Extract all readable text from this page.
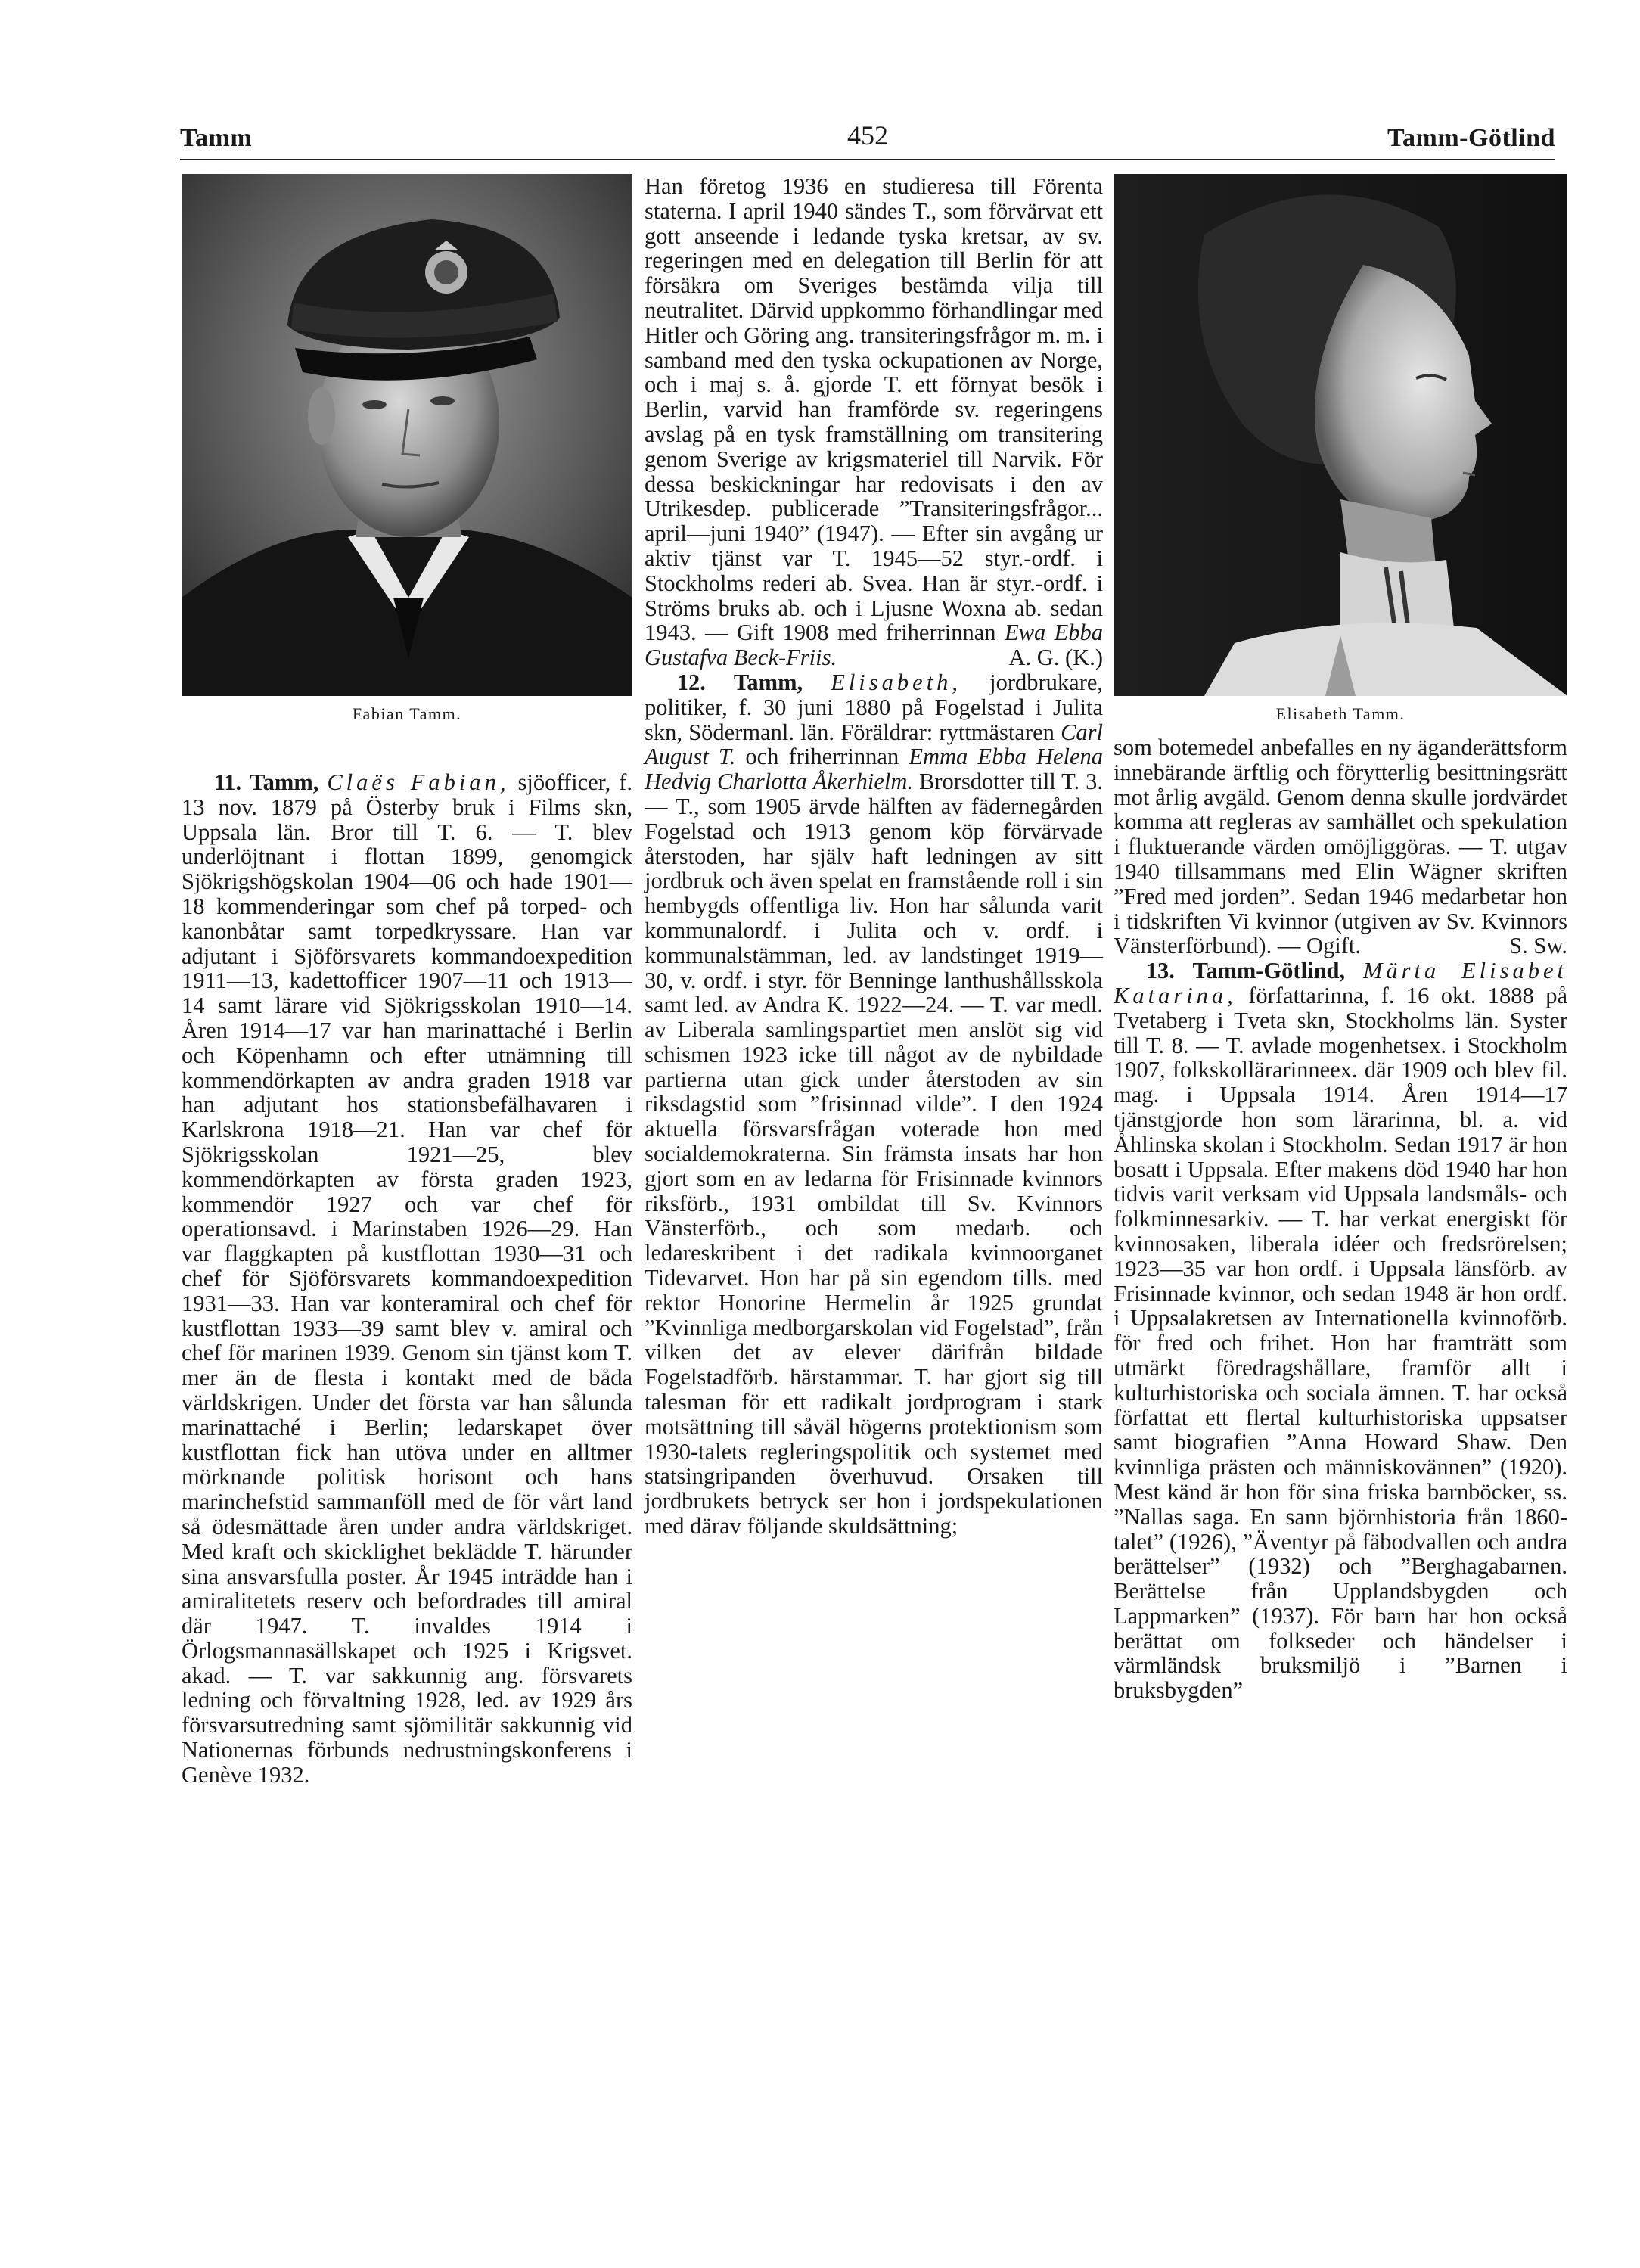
Tamm	452	Tamm-Götlind
Fabian Tamm.

11. Tamm, Claës Fabian, sjöofficer, f. 13 nov. 1879 på Österby bruk i Films skn, Uppsala län. Bror till T. 6. — T. blev underlöjtnant i flottan 1899, genomgick Sjökrigshögskolan 1904—06 och hade 1901—18 kommenderingar som chef på torped- och kanonbåtar samt torpedkryssare. Han var adjutant i Sjöförsvarets kommandoexpedition 1911—13, kadettofficer 1907—11 och 1913—14 samt lärare vid Sjökrigsskolan 1910—14. Åren 1914—17 var han marinattaché i Berlin och Köpenhamn och efter utnämning till kommendörkapten av andra graden 1918 var han adjutant hos stationsbefälhavaren i Karlskrona 1918—21. Han var chef för Sjökrigsskolan 1921—25, blev kommendörkapten av första graden 1923, kommendör 1927 och var chef för operationsavd. i Marinstaben 1926—29. Han var flaggkapten på kustflottan 1930—31 och chef för Sjöförsvarets kommandoexpedition 1931—33. Han var konteramiral och chef för kustflottan 1933—39 samt blev v. amiral och chef för marinen 1939. Genom sin tjänst kom T. mer än de flesta i kontakt med de båda världskrigen. Under det första var han sålunda marinattaché i Berlin; ledarskapet över kustflottan fick han utöva under en alltmer mörknande politisk horisont och hans marinchefstid sammanföll med de för vårt land så ödesmättade åren under andra världskriget. Med kraft och skicklighet beklädde T. härunder sina ansvarsfulla poster. År 1945 inträdde han i amiralitetets reserv och befordrades till amiral där 1947. T. invaldes 1914 i Örlogsmannasällskapet och 1925 i Krigsvet. akad. — T. var sakkunnig ang. försvarets ledning och förvaltning 1928, led. av 1929 års försvarsutredning samt sjömilitär sakkunnig vid Nationernas förbunds nedrustningskonferens i Genève 1932.

Han företog 1936 en studieresa till Förenta staterna. I april 1940 sändes T., som förvärvat ett gott anseende i ledande tyska kretsar, av sv. regeringen med en delegation till Berlin för att försäkra om Sveriges bestämda vilja till neutralitet. Därvid uppkommo förhandlingar med Hitler och Göring ang. transiteringsfrågor m. m. i samband med den tyska ockupationen av Norge, och i maj s. å. gjorde T. ett förnyat besök i Berlin, varvid han framförde sv. regeringens avslag på en tysk framställning om transitering genom Sverige av krigsmateriel till Narvik. För dessa beskickningar har redovisats i den av Utrikesdep. publicerade ”Transiteringsfrågor... april—juni 1940” (1947). — Efter sin avgång ur aktiv tjänst var T. 1945—52 styr.-ordf. i Stockholms rederi ab. Svea. Han är styr.-ordf. i Ströms bruks ab. och i Ljusne Woxna ab. sedan 1943. — Gift 1908 med friherrinnan Ewa Ebba Gustafva Beck-Friis.	A. G. (K.)

12. Tamm, Elisabeth, jordbrukare, politiker, f. 30 juni 1880 på Fogelstad i Julita skn, Södermanl. län. Föräldrar: ryttmästaren Carl August T. och friherrinnan Emma Ebba Helena Hedvig Charlotta Åkerhielm. Brorsdotter till T. 3. — T., som 1905 ärvde hälften av fädernegården Fogelstad och 1913 genom köp förvärvade återstoden, har själv haft ledningen av sitt jordbruk och även spelat en framstående roll i sin hembygds offentliga liv. Hon har sålunda varit kommunalordf. i Julita och v. ordf. i kommunalstämman, led. av landstinget 1919—30, v. ordf. i styr. för Benninge lanthushållsskola samt led. av Andra K. 1922—24. — T. var medl. av Liberala samlingspartiet men anslöt sig vid schismen 1923 icke till något av de nybildade partierna utan gick under återstoden av sin riksdagstid som ”frisinnad vilde”. I den 1924 aktuella försvarsfrågan voterade hon med socialdemokraterna. Sin främsta insats har hon gjort som en av ledarna för Frisinnade kvinnors riksförb., 1931 ombildat till Sv. Kvinnors Vänsterförb., och som medarb. och ledareskribent i det radikala kvinnoorganet Tidevarvet. Hon har på sin egendom tills. med rektor Honorine Hermelin år 1925 grundat ”Kvinnliga medborgarskolan vid Fogelstad”, från vilken det av elever därifrån bildade Fogelstadförb. härstammar. T. har gjort sig till talesman för ett radikalt jordprogram i stark motsättning till såväl högerns protektionism som 1930-talets regleringspolitik och systemet med statsingripanden överhuvud. Orsaken till jordbrukets betryck ser hon i jordspekulationen med därav följande skuldsättning;

Elisabeth Tamm.

som botemedel anbefalles en ny äganderättsform innebärande ärftlig och förytterlig besittningsrätt mot årlig avgäld. Genom denna skulle jordvärdet komma att regleras av samhället och spekulation i fluktuerande värden omöjliggöras. — T. utgav 1940 tillsammans med Elin Wägner skriften ”Fred med jorden”. Sedan 1946 medarbetar hon i tidskriften Vi kvinnor (utgiven av Sv. Kvinnors Vänsterförbund). — Ogift.	S. Sw.

13. Tamm-Götlind, Märta Elisabet Katarina, författarinna, f. 16 okt. 1888 på Tvetaberg i Tveta skn, Stockholms län. Syster till T. 8. — T. avlade mogenhetsex. i Stockholm 1907, folkskollärarinneex. där 1909 och blev fil. mag. i Uppsala 1914. Åren 1914—17 tjänstgjorde hon som lärarinna, bl. a. vid Åhlinska skolan i Stockholm. Sedan 1917 är hon bosatt i Uppsala. Efter makens död 1940 har hon tidvis varit verksam vid Uppsala landsmåls- och folkminnesarkiv. — T. har verkat energiskt för kvinnosaken, liberala idéer och fredsrörelsen; 1923—35 var hon ordf. i Uppsala länsförb. av Frisinnade kvinnor, och sedan 1948 är hon ordf. i Uppsalakretsen av Internationella kvinnoförb. för fred och frihet. Hon har framträtt som utmärkt föredragshållare, framför allt i kulturhistoriska och sociala ämnen. T. har också författat ett flertal kulturhistoriska uppsatser samt biografien ”Anna Howard Shaw. Den kvinnliga prästen och människovännen” (1920). Mest känd är hon för sina friska barnböcker, ss. ”Nallas saga. En sann björnhistoria från 1860-talet” (1926), ”Äventyr på fäbodvallen och andra berättelser” (1932) och ”Berghagabarnen. Berättelse från Upplandsbygden och Lappmarken” (1937). För barn har hon också berättat om folkseder och händelser i värmländsk bruksmiljö i ”Barnen i bruksbygden”
